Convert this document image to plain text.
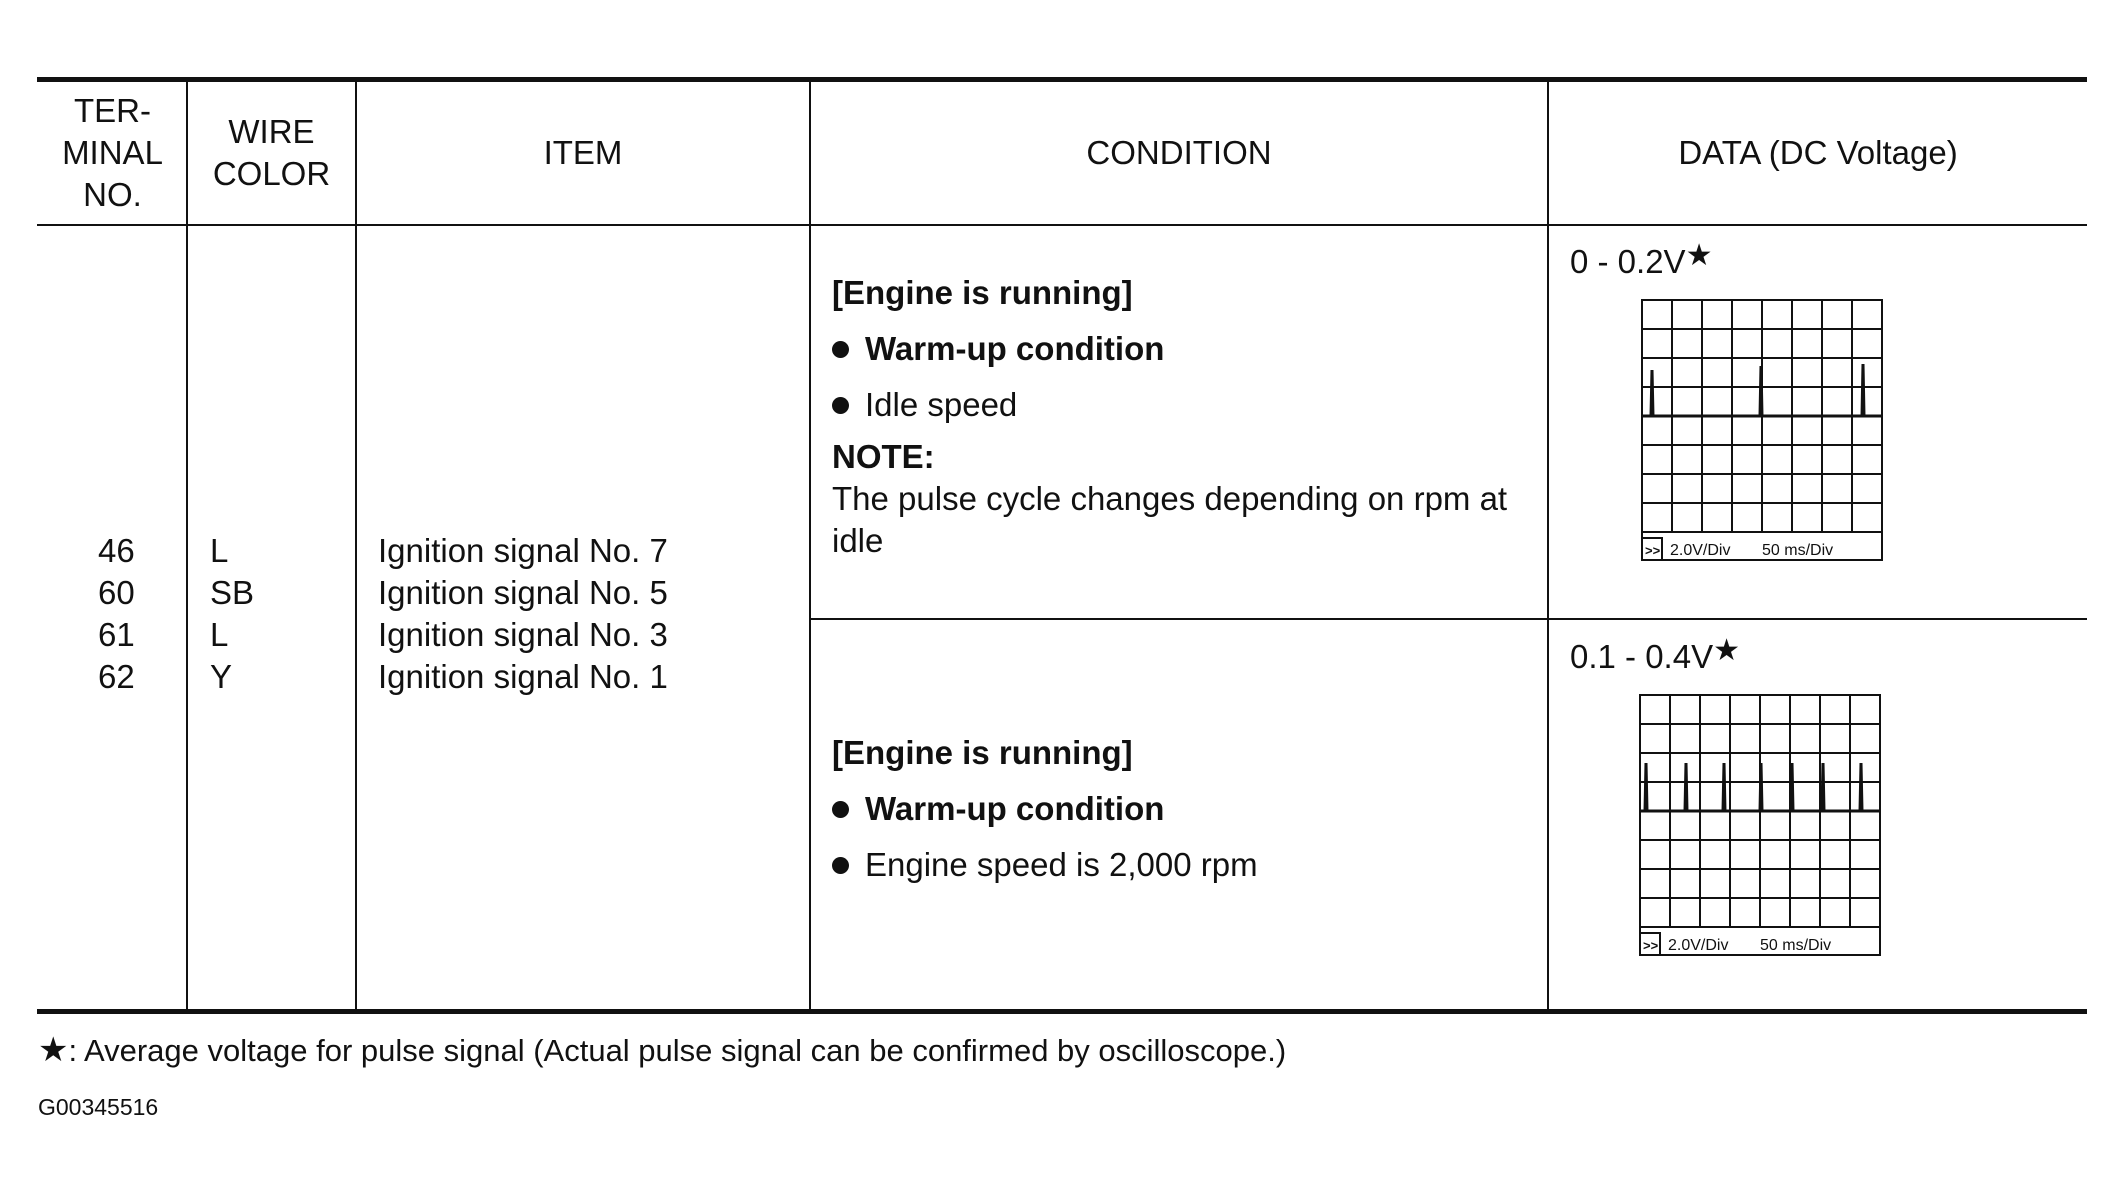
TER-
MINAL
NO.
WIRE
COLOR
ITEM	CONDITION	DATA (DC Voltage)
46
60
61
62
L
SB
L
Y
Ignition signal No. 7
Ignition signal No. 5
Ignition signal No. 3
Ignition signal No. 1
[Engine is running]
Warm-up condition
Idle speed
NOTE:
The pulse cycle changes depending on rpm at idle
[Engine is running]
Warm-up condition
Engine speed is 2,000 rpm
0 - 0.2V★
>> 2.0V/Div 50 ms/Div
0.1 - 0.4V★
>> 2.0V/Div 50 ms/Div
★: Average voltage for pulse signal (Actual pulse signal can be confirmed by oscilloscope.)
G00345516
